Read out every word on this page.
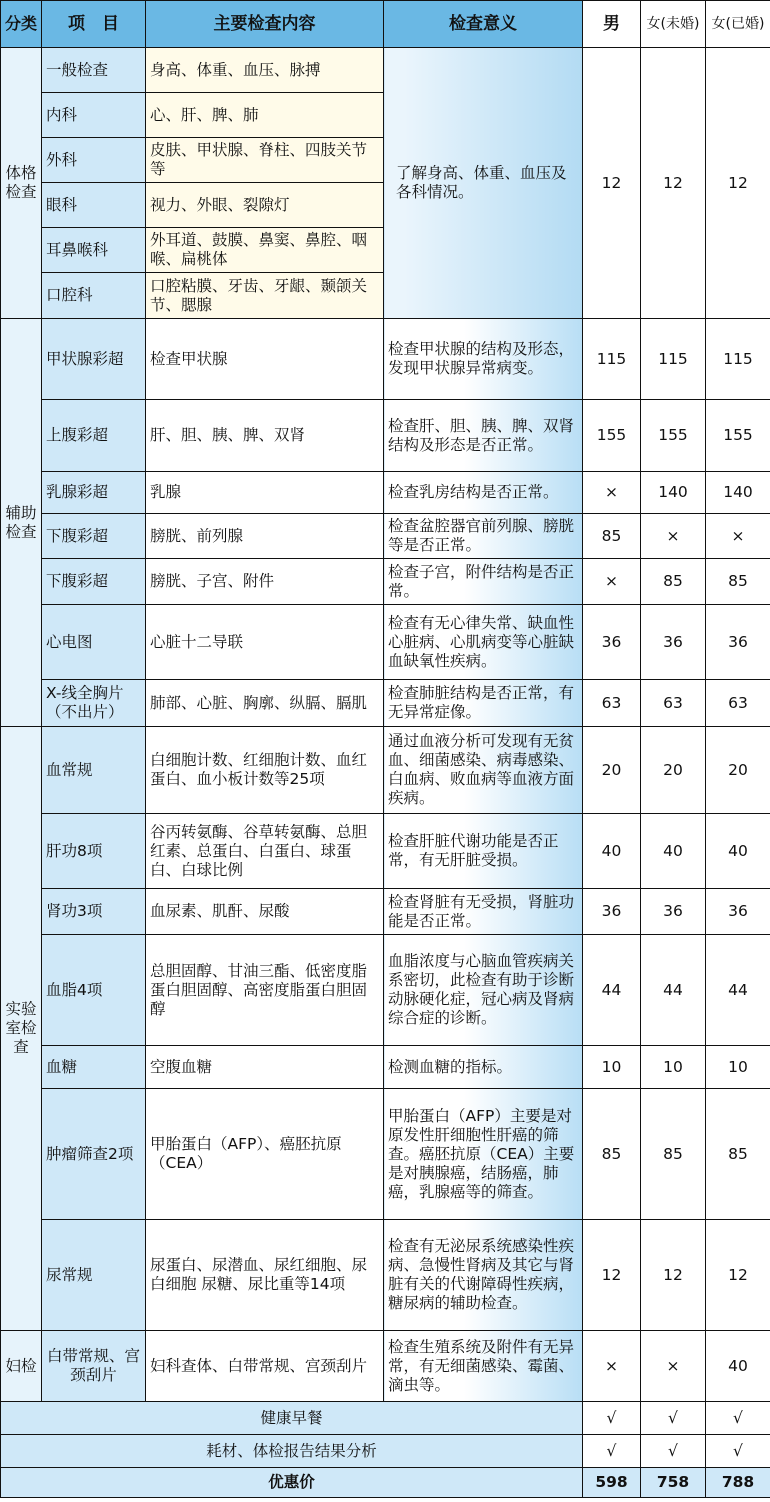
分类	项　目	主要检查内容	检查意义	男	女(未婚)	女(已婚)
体格检查	一般检查	身高、体重、血压、脉搏	了解身高、体重、血压及各科情况。	12	12	12
	内科	心、肝、脾、肺				
	外科	皮肤、甲状腺、脊柱、四肢关节等				
	眼科	视力、外眼、裂隙灯				
	耳鼻喉科	外耳道、鼓膜、鼻窦、鼻腔、咽喉、扁桃体				
	口腔科	口腔粘膜、牙齿、牙龈、颞颌关节、腮腺				
辅助检查	甲状腺彩超	检查甲状腺	检查甲状腺的结构及形态，发现甲状腺异常病变。	115	115	115
	上腹彩超	肝、胆、胰、脾、双肾	检查肝、胆、胰、脾、双肾结构及形态是否正常。	155	155	155
	乳腺彩超	乳腺	检查乳房结构是否正常。	×	140	140
	下腹彩超	膀胱、前列腺	检查盆腔器官前列腺、膀胱等是否正常。	85	×	×
	下腹彩超	膀胱、子宫、附件	检查子宫，附件结构是否正常。	×	85	85
	心电图	心脏十二导联	检查有无心律失常、缺血性心脏病、心肌病变等心脏缺血缺氧性疾病。	36	36	36
	X-线全胸片（不出片）	肺部、心脏、胸廓、纵膈、膈肌	检查肺脏结构是否正常，有无异常症像。	63	63	63
实验室检查	血常规	白细胞计数、红细胞计数、血红蛋白、血小板计数等25项	通过血液分析可发现有无贫血、细菌感染、病毒感染、白血病、败血病等血液方面疾病。	20	20	20
	肝功8项	谷丙转氨酶、谷草转氨酶、总胆红素、总蛋白、白蛋白、球蛋白、白球比例	检查肝脏代谢功能是否正常，有无肝脏受损。	40	40	40
	肾功3项	血尿素、肌酐、尿酸	检查肾脏有无受损，肾脏功能是否正常。	36	36	36
	血脂4项	总胆固醇、甘油三酯、低密度脂蛋白胆固醇、高密度脂蛋白胆固醇	血脂浓度与心脑血管疾病关系密切，此检查有助于诊断动脉硬化症，冠心病及肾病综合症的诊断。	44	44	44
	血糖	空腹血糖	检测血糖的指标。	10	10	10
	肿瘤筛查2项	甲胎蛋白（AFP）、癌胚抗原（CEA）	甲胎蛋白（AFP）主要是对原发性肝细胞性肝癌的筛查。癌胚抗原（CEA）主要是对胰腺癌，结肠癌，肺癌，乳腺癌等的筛查。	85	85	85
	尿常规	尿蛋白、尿潜血、尿红细胞、尿白细胞 尿糖、尿比重等14项	检查有无泌尿系统感染性疾病、急慢性肾病及其它与肾脏有关的代谢障碍性疾病，糖尿病的辅助检查。	12	12	12
妇检	白带常规、宫颈刮片	妇科查体、白带常规、宫颈刮片	检查生殖系统及附件有无异常，有无细菌感染、霉菌、滴虫等。	×	×	40
健康早餐				√	√	√
耗材、体检报告结果分析				√	√	√
优惠价				598	758	788
